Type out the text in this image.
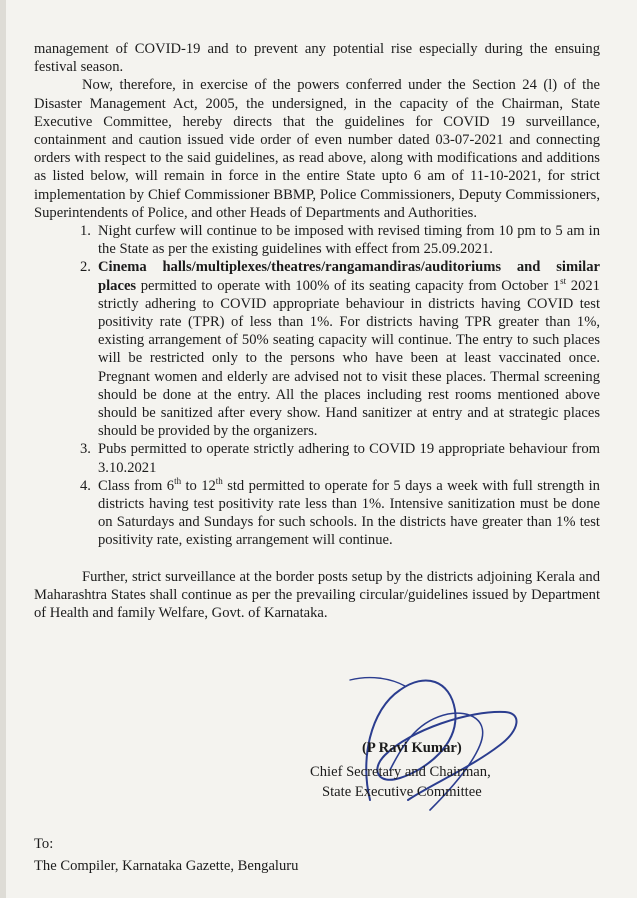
management of COVID-19 and to prevent any potential rise especially during the ensuing festival season.

Now, therefore, in exercise of the powers conferred under the Section 24 (l) of the Disaster Management Act, 2005, the undersigned, in the capacity of the Chairman, State Executive Committee, hereby directs that the guidelines for COVID 19 surveillance, containment and caution issued vide order of even number dated 03-07-2021 and connecting orders with respect to the said guidelines, as read above, along with modifications and additions as listed below, will remain in force in the entire State upto 6 am of 11-10-2021, for strict implementation by Chief Commissioner BBMP, Police Commissioners, Deputy Commissioners, Superintendents of Police, and other Heads of Departments and Authorities.

1. Night curfew will continue to be imposed with revised timing from 10 pm to 5 am in the State as per the existing guidelines with effect from 25.09.2021.
2. Cinema halls/multiplexes/theatres/rangamandiras/auditoriums and similar places permitted to operate with 100% of its seating capacity from October 1st 2021 strictly adhering to COVID appropriate behaviour in districts having COVID test positivity rate (TPR) of less than 1%. For districts having TPR greater than 1%, existing arrangement of 50% seating capacity will continue. The entry to such places will be restricted only to the persons who have been at least vaccinated once. Pregnant women and elderly are advised not to visit these places. Thermal screening should be done at the entry. All the places including rest rooms mentioned above should be sanitized after every show. Hand sanitizer at entry and at strategic places should be provided by the organizers.
3. Pubs permitted to operate strictly adhering to COVID 19 appropriate behaviour from 3.10.2021
4. Class from 6th to 12th std permitted to operate for 5 days a week with full strength in districts having test positivity rate less than 1%. Intensive sanitization must be done on Saturdays and Sundays for such schools. In the districts have greater than 1% test positivity rate, existing arrangement will continue.

Further, strict surveillance at the border posts setup by the districts adjoining Kerala and Maharashtra States shall continue as per the prevailing circular/guidelines issued by Department of Health and family Welfare, Govt. of Karnataka.

(P Ravi Kumar)
Chief Secretary and Chairman,
State Executive Committee
To:
The Compiler, Karnataka Gazette, Bengaluru
